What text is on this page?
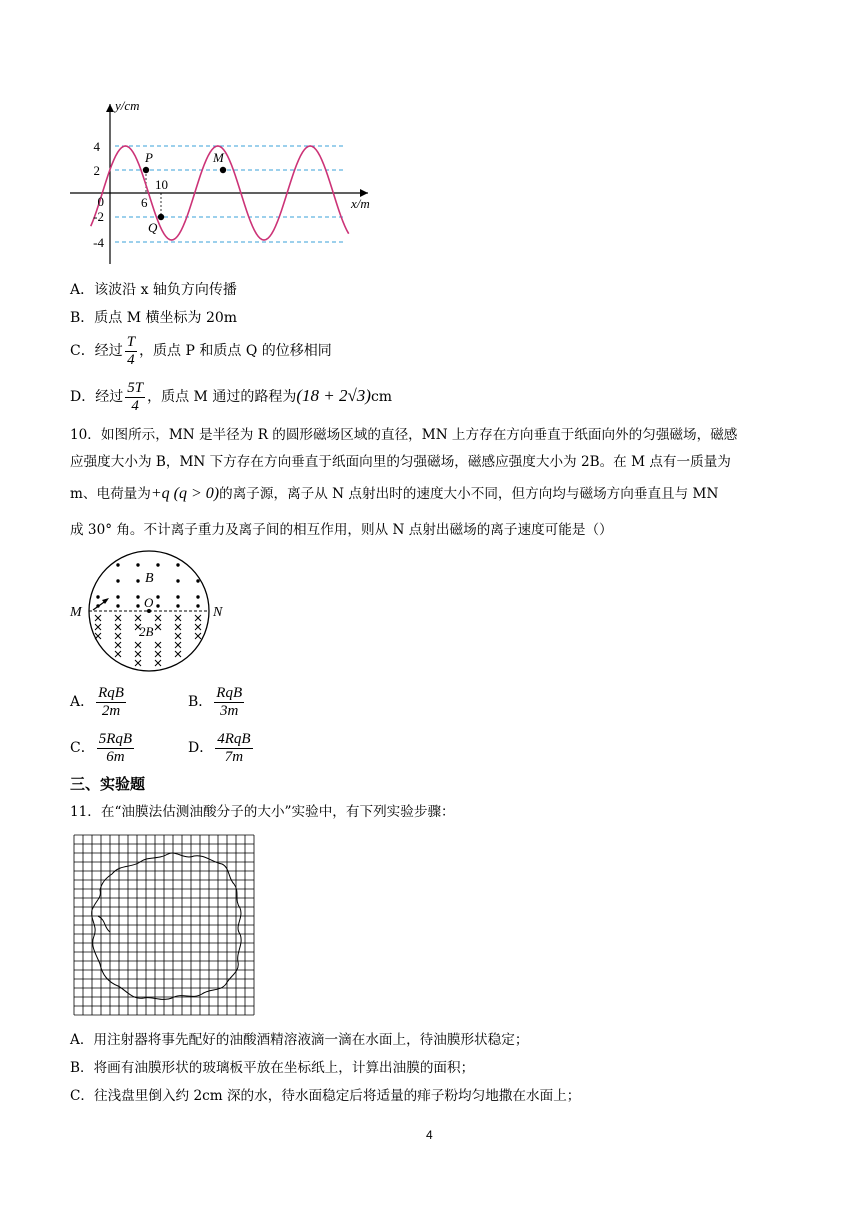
y/cm
x/m
4
2
0
-2
-4
6
10
P	M
Q
A．该波沿 x 轴负方向传播
B．质点 M 横坐标为 20m
C．经过 $\frac{T}{4}$ ，质点 P 和质点 Q 的位移相同
D．经过 $\frac{5T}{4}$ ，质点 M 通过的路程为(18 + 2√3)cm
10．如图所示，MN 是半径为 R 的圆形磁场区域的直径，MN 上方存在方向垂直于纸面向外的匀强磁场，磁感
应强度大小为 B，MN 下方存在方向垂直于纸面向里的匀强磁场，磁感应强度大小为 2B。在 M 点有一质量为
m、电荷量为+q (q > 0)的离子源，离子从 N 点射出时的速度大小不同，但方向均与磁场方向垂直且与 MN
成 30° 角。不计离子重力及离子间的相互作用，则从 N 点射出磁场的离子速度可能是（）
M	N
O
B
2B
A． $\frac{\text{RqB}}{2m}$	B． $\frac{\text{RqB}}{3m}$
C． $\frac{\text{5RqB}}{6m}$	D． $\frac{\text{4RqB}}{7m}$
三、实验题
11．在“油膜法估测油酸分子的大小”实验中，有下列实验步骤：
A．用注射器将事先配好的油酸酒精溶液滴一滴在水面上，待油膜形状稳定；
B．将画有油膜形状的玻璃板平放在坐标纸上，计算出油膜的面积；
C．往浅盘里倒入约 2cm 深的水，待水面稳定后将适量的痱子粉均匀地撒在水面上；
4
